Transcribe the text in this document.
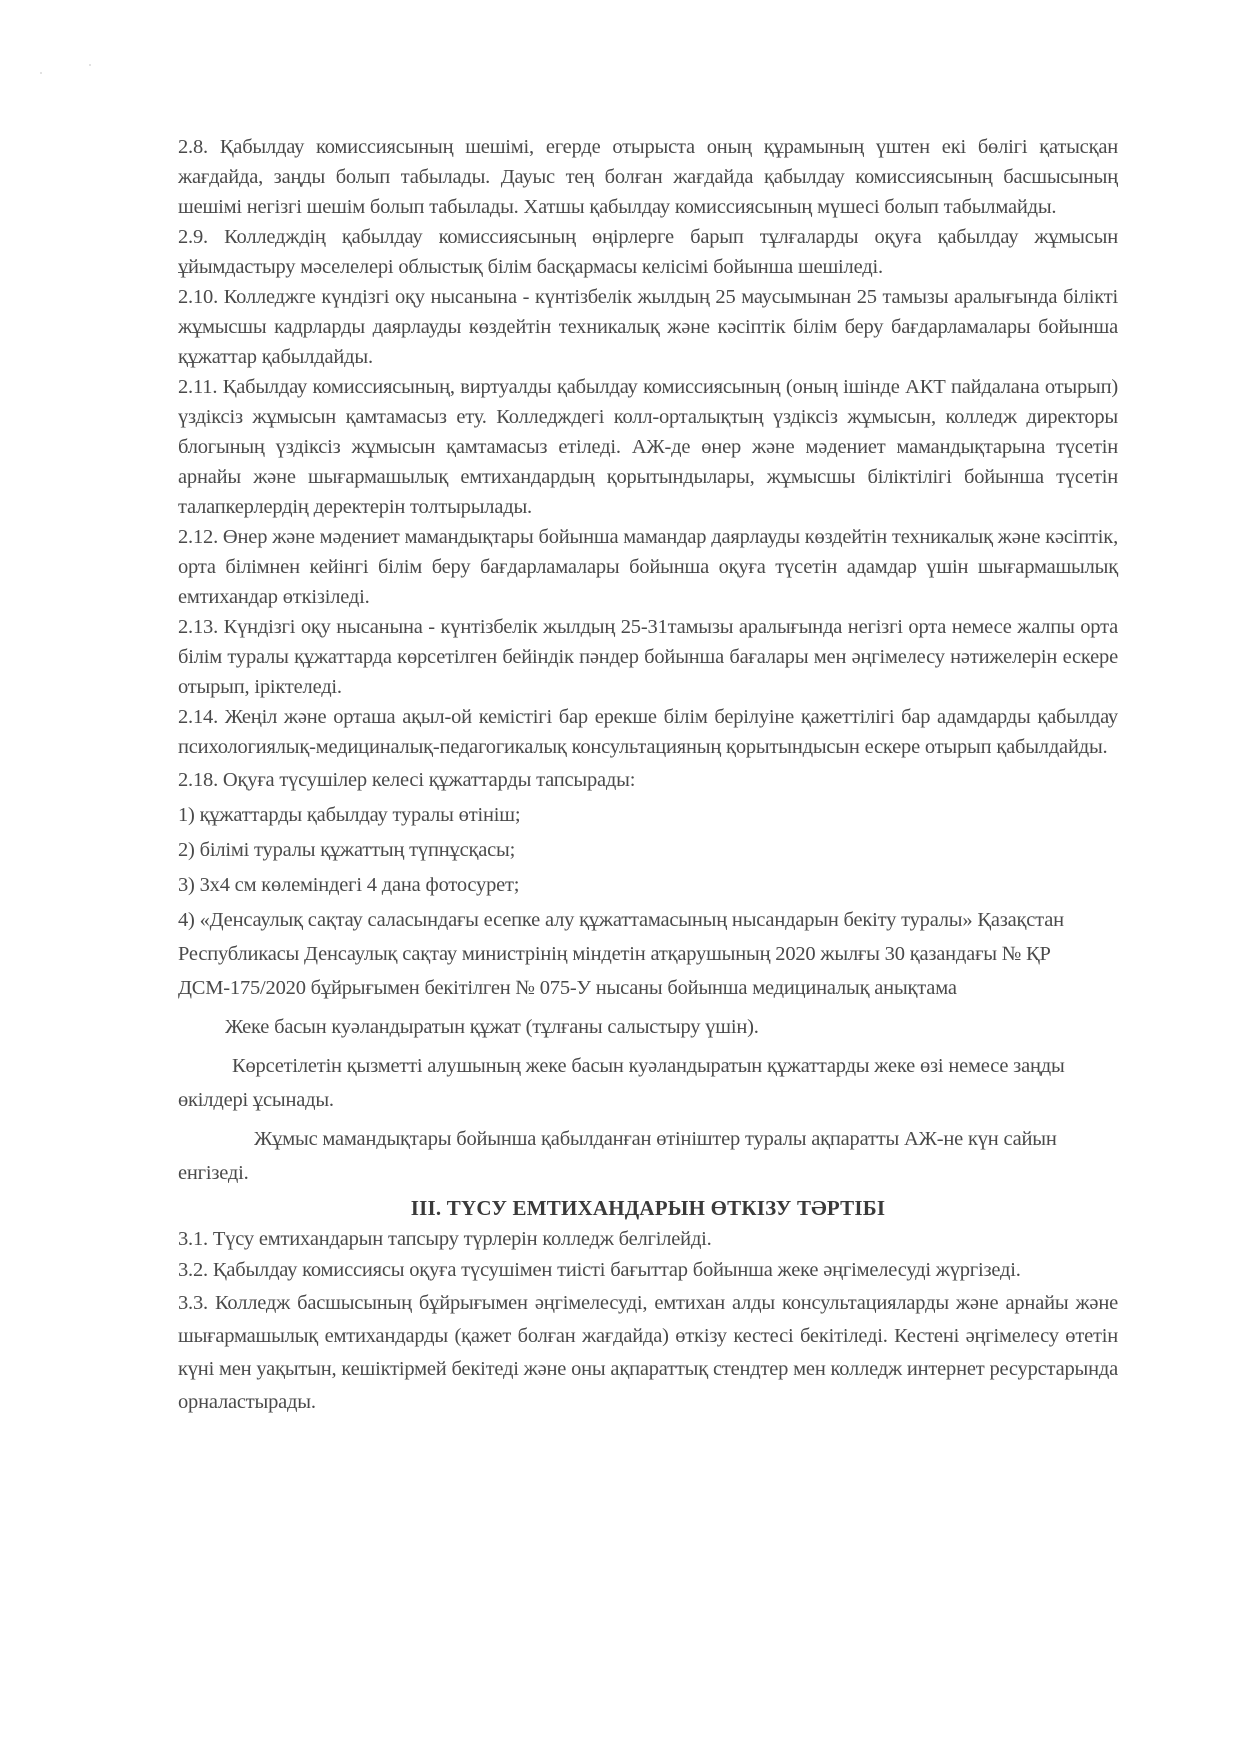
2.8. Қабылдау комиссиясының шешімі, егерде отырыста оның құрамының үштен екі бөлігі қатысқан жағдайда, заңды болып табылады. Дауыс тең болған жағдайда қабылдау комиссиясының басшысының шешімі негізгі шешім болып табылады. Хатшы қабылдау комиссиясының мүшесі болып табылмайды.

2.9. Колледждің қабылдау комиссиясының өңірлерге барып тұлғаларды оқуға қабылдау жұмысын ұйымдастыру мәселелері облыстық білім басқармасы келісімі бойынша шешіледі.

2.10. Колледжге күндізгі оқу нысанына - күнтізбелік жылдың 25 маусымынан 25 тамызы аралығында білікті жұмысшы кадрларды даярлауды көздейтін техникалық және кәсіптік білім беру бағдарламалары бойынша құжаттар қабылдайды.

2.11. Қабылдау комиссиясының, виртуалды қабылдау комиссиясының (оның ішінде АКТ пайдалана отырып) үздіксіз жұмысын қамтамасыз ету. Колледждегі колл-орталықтың үздіксіз жұмысын, колледж директоры блогының үздіксіз жұмысын қамтамасыз етіледі. АЖ-де өнер және мәдениет мамандықтарына түсетін арнайы және шығармашылық емтихандардың қорытындылары, жұмысшы біліктілігі бойынша түсетін талапкерлердің деректерін толтырылады.

2.12. Өнер және мәдениет мамандықтары бойынша мамандар даярлауды көздейтін техникалық және кәсіптік, орта білімнен кейінгі білім беру бағдарламалары бойынша оқуға түсетін адамдар үшін шығармашылық емтихандар өткізіледі.

2.13. Күндізгі оқу нысанына - күнтізбелік жылдың 25-31тамызы аралығында негізгі орта немесе жалпы орта білім туралы құжаттарда көрсетілген бейіндік пәндер бойынша бағалары мен әңгімелесу нәтижелерін ескере отырып, іріктеледі.

2.14. Жеңіл және орташа ақыл-ой кемістігі бар ерекше білім берілуіне қажеттілігі бар адамдарды қабылдау психологиялық-медициналық-педагогикалық консультацияның қорытындысын ескере отырып қабылдайды.

2.18. Оқуға түсушілер келесі құжаттарды тапсырады:

1) құжаттарды қабылдау туралы өтініш;

2) білімі туралы құжаттың түпнұсқасы;

3) 3х4 см көлеміндегі 4 дана фотосурет;

4) «Денсаулық сақтау саласындағы есепке алу құжаттамасының нысандарын бекіту туралы» Қазақстан Республикасы Денсаулық сақтау министрінің міндетін атқарушының 2020 жылғы 30 қазандағы № ҚР ДСМ-175/2020 бұйрығымен бекітілген № 075-У нысаны бойынша медициналық анықтама

Жеке басын куәландыратын құжат (тұлғаны салыстыру үшін).

Көрсетілетін қызметті алушының жеке басын куәландыратын құжаттарды жеке өзі немесе заңды өкілдері ұсынады.

Жұмыс мамандықтары бойынша қабылданған өтініштер туралы ақпаратты АЖ-не күн сайын енгізеді.

III. ТҮСУ ЕМТИХАНДАРЫН ӨТКІЗУ ТӘРТІБІ

3.1. Түсу емтихандарын тапсыру түрлерін колледж белгілейді.

3.2. Қабылдау комиссиясы оқуға түсушімен тиісті бағыттар бойынша жеке әңгімелесуді жүргізеді.

3.3. Колледж басшысының бұйрығымен әңгімелесуді, емтихан алды консультацияларды және арнайы және шығармашылық емтихандарды (қажет болған жағдайда) өткізу кестесі бекітіледі. Кестені әңгімелесу өтетін күні мен уақытын, кешіктірмей бекітеді және оны ақпараттық стендтер мен колледж интернет ресурстарында орналастырады.
